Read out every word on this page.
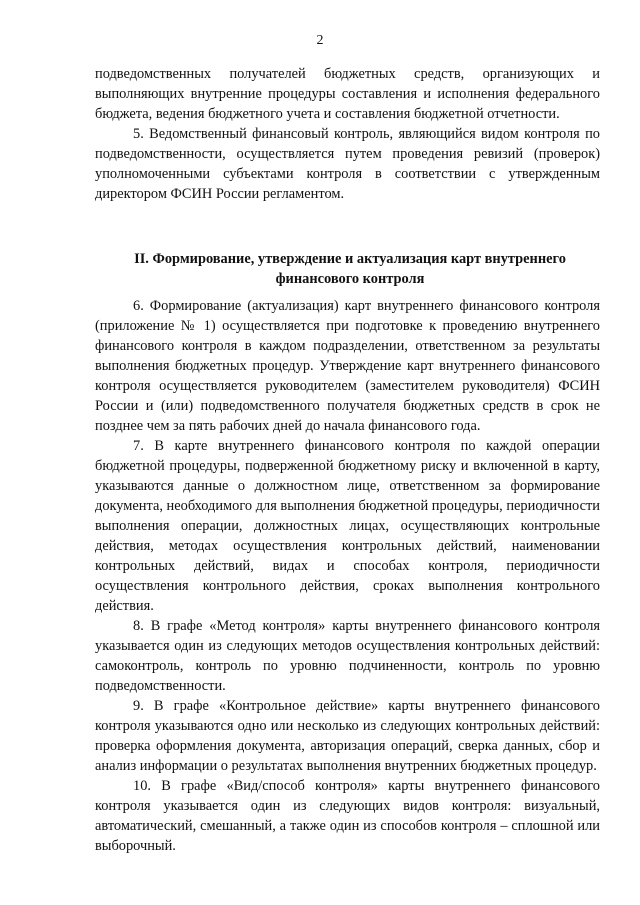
2

подведомственных получателей бюджетных средств, организующих и выполняющих внутренние процедуры составления и исполнения федерального бюджета, ведения бюджетного учета и составления бюджетной отчетности.

5. Ведомственный финансовый контроль, являющийся видом контроля по подведомственности, осуществляется путем проведения ревизий (проверок) уполномоченными субъектами контроля в соответствии с утвержденным директором ФСИН России регламентом.

II. Формирование, утверждение и актуализация карт внутреннего финансового контроля

6. Формирование (актуализация) карт внутреннего финансового контроля (приложение № 1) осуществляется при подготовке к проведению внутреннего финансового контроля в каждом подразделении, ответственном за результаты выполнения бюджетных процедур. Утверждение карт внутреннего финансового контроля осуществляется руководителем (заместителем руководителя) ФСИН России и (или) подведомственного получателя бюджетных средств в срок не позднее чем за пять рабочих дней до начала финансового года.

7. В карте внутреннего финансового контроля по каждой операции бюджетной процедуры, подверженной бюджетному риску и включенной в карту, указываются данные о должностном лице, ответственном за формирование документа, необходимого для выполнения бюджетной процедуры, периодичности выполнения операции, должностных лицах, осуществляющих контрольные действия, методах осуществления контрольных действий, наименовании контрольных действий, видах и способах контроля, периодичности осуществления контрольного действия, сроках выполнения контрольного действия.

8. В графе «Метод контроля» карты внутреннего финансового контроля указывается один из следующих методов осуществления контрольных действий: самоконтроль, контроль по уровню подчиненности, контроль по уровню подведомственности.

9. В графе «Контрольное действие» карты внутреннего финансового контроля указываются одно или несколько из следующих контрольных действий: проверка оформления документа, авторизация операций, сверка данных, сбор и анализ информации о результатах выполнения внутренних бюджетных процедур.

10. В графе «Вид/способ контроля» карты внутреннего финансового контроля указывается один из следующих видов контроля: визуальный, автоматический, смешанный, а также один из способов контроля – сплошной или выборочный.
